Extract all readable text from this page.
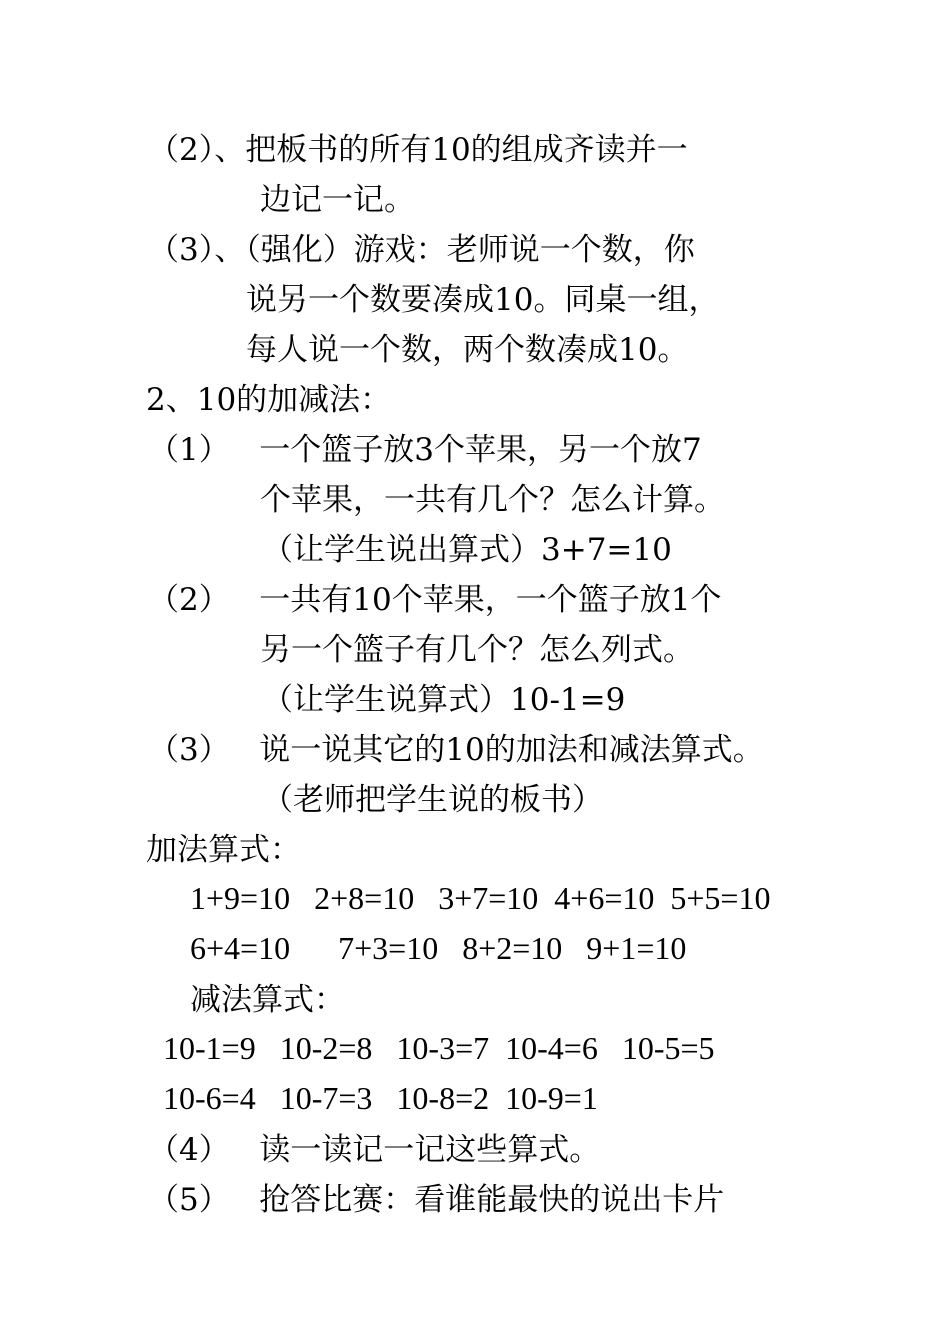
（2）、把板书的所有10的组成齐读并一
边记一记。
（3）、（强化）游戏：老师说一个数，你
说另一个数要凑成10。同桌一组，
每人说一个数，两个数凑成10。
2、10的加减法：
（1）   一个篮子放3个苹果，另一个放7
个苹果，一共有几个？怎么计算。
（让学生说出算式）3+7=10
（2）   一共有10个苹果，一个篮子放1个
另一个篮子有几个？怎么列式。
（让学生说算式）10-1=9
（3）   说一说其它的10的加法和减法算式。
（老师把学生说的板书）
加法算式：
1+9=10   2+8=10   3+7=10  4+6=10  5+5=10
6+4=10      7+3=10   8+2=10   9+1=10
减法算式：
10-1=9   10-2=8   10-3=7  10-4=6   10-5=5
10-6=4   10-7=3   10-8=2  10-9=1
（4）   读一读记一记这些算式。
（5）   抢答比赛：看谁能最快的说出卡片
